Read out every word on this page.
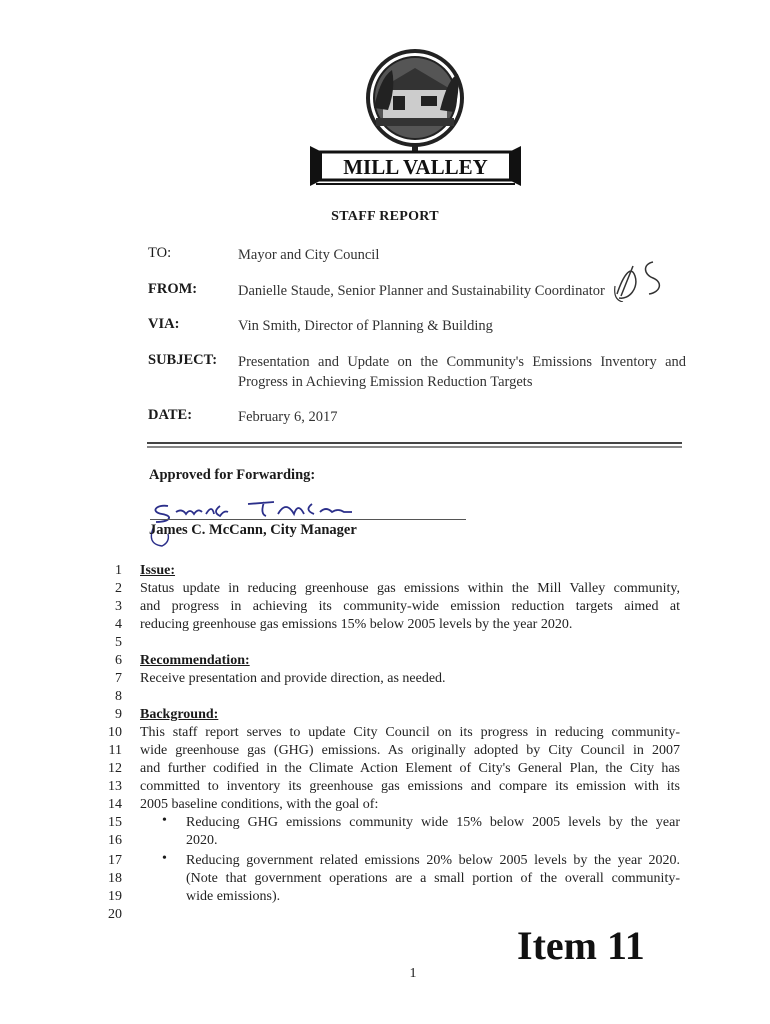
MILL VALLEY
STAFF REPORT
TO:	Mayor and City Council
FROM:	Danielle Staude, Senior Planner and Sustainability Coordinator
VIA:	Vin Smith, Director of Planning & Building
SUBJECT: Presentation and Update on the Community's Emissions Inventory and
Progress in Achieving Emission Reduction Targets
DATE:	February 6, 2017
Approved for Forwarding:
James C. McCann, City Manager
1
2
3
4
5
6
7
8
9
10
11
12
13
14
15
16
17
18
19
20
Issue:
Status update in reducing greenhouse gas emissions within the Mill Valley community,
and progress in achieving its community-wide emission reduction targets aimed at
reducing greenhouse gas emissions 15% below 2005 levels by the year 2020.
Recommendation:
Receive presentation and provide direction, as needed.
Background:
This staff report serves to update City Council on its progress in reducing community-
wide greenhouse gas (GHG) emissions. As originally adopted by City Council in 2007
and further codified in the Climate Action Element of City's General Plan, the City has
committed to inventory its greenhouse gas emissions and compare its emission with its
2005 baseline conditions, with the goal of:
• Reducing GHG emissions community wide 15% below 2005 levels by the year
2020.
• Reducing government related emissions 20% below 2005 levels by the year 2020.
(Note that government operations are a small portion of the overall community-
wide emissions).
Item 11
1
